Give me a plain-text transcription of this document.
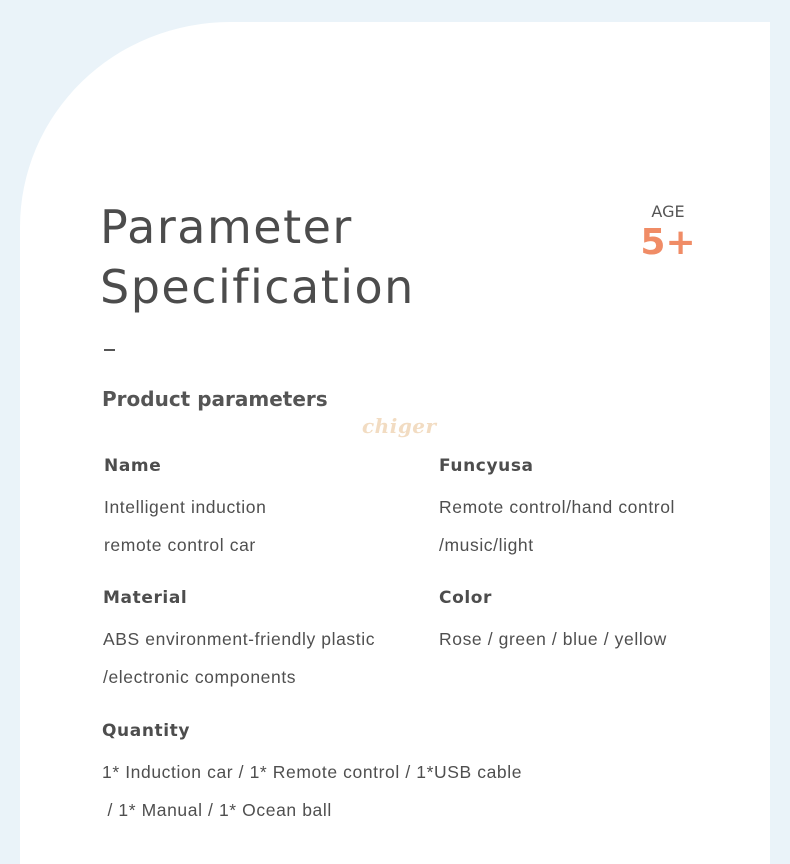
Parameter
Specification
AGE
5+
Product parameters
chiger
Name
Intelligent induction
remote control car
Funcyusa
Remote control/hand control
/music/light
Material
ABS environment-friendly plastic
/electronic components
Color
Rose / green / blue / yellow
Quantity
1* Induction car / 1* Remote control / 1*USB cable
/ 1* Manual / 1* Ocean ball
